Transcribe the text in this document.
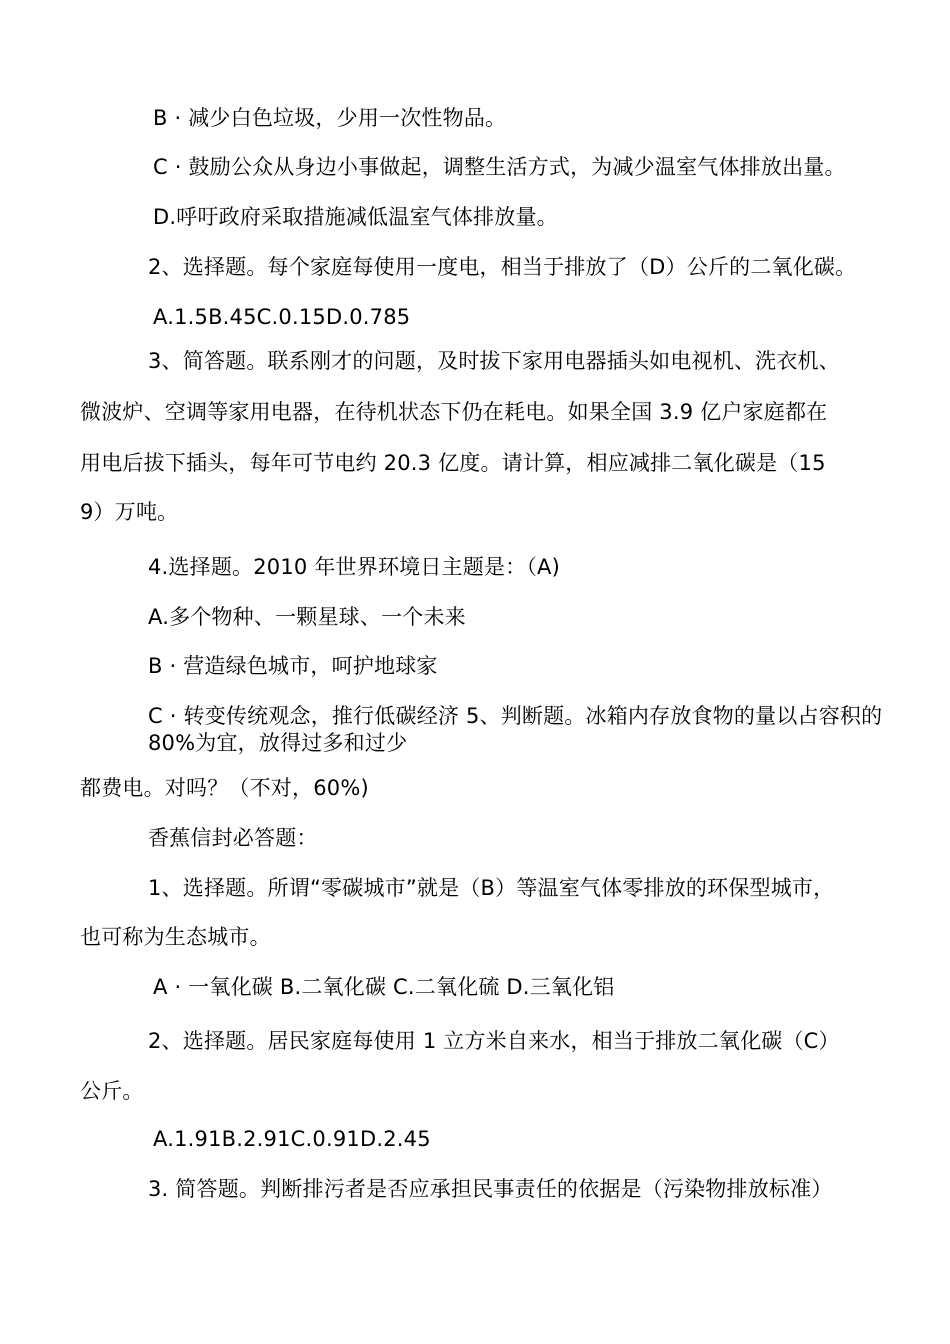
B · 减少白色垃圾，少用一次性物品。
C · 鼓励公众从身边小事做起，调整生活方式，为减少温室气体排放出量。
D.呼吁政府采取措施减低温室气体排放量。
2、选择题。每个家庭每使用一度电，相当于排放了（D）公斤的二氧化碳。
A.1.5B.45C.0.15D.0.785
3、简答题。联系刚才的问题，及时拔下家用电器插头如电视机、洗衣机、
微波炉、空调等家用电器，在待机状态下仍在耗电。如果全国 3.9 亿户家庭都在
用电后拔下插头，每年可节电约 20.3 亿度。请计算，相应减排二氧化碳是（15
9）万吨。
4.选择题。2010 年世界环境日主题是：（A)
A.多个物种、一颗星球、一个未来
B · 营造绿色城市，呵护地球家
C · 转变传统观念，推行低碳经济 5、判断题。冰箱内存放食物的量以占容积的 80%为宜，放得过多和过少
都费电。对吗？（不对，60%)
香蕉信封必答题：
1、选择题。所谓“零碳城市”就是（B）等温室气体零排放的环保型城市，
也可称为生态城市。
A · 一氧化碳 B.二氧化碳 C.二氧化硫 D.三氧化铝
2、选择题。居民家庭每使用 1 立方米自来水，相当于排放二氧化碳（C）
公斤。
A.1.91B.2.91C.0.91D.2.45
3. 简答题。判断排污者是否应承担民事责任的依据是（污染物排放标准）
